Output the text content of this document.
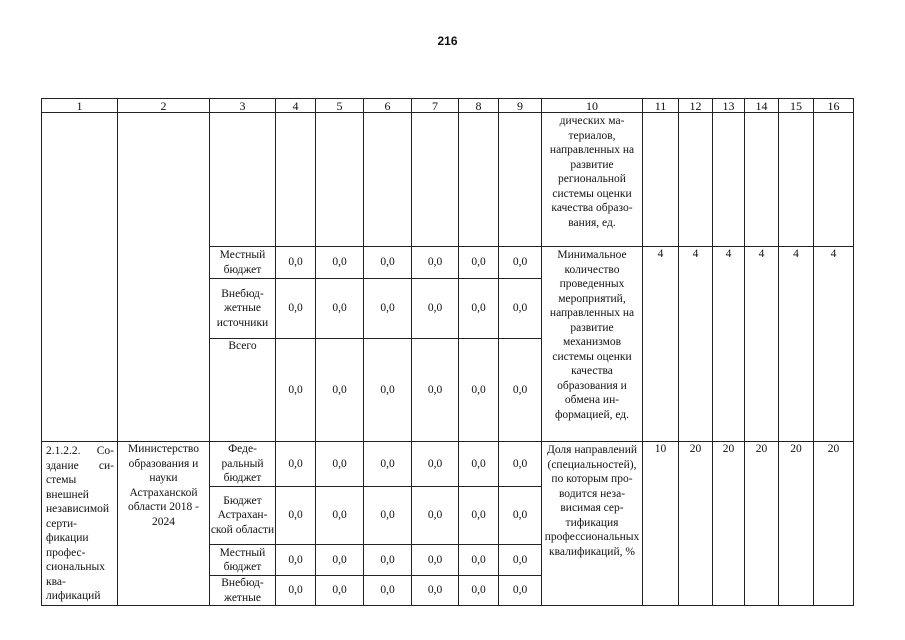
216
1	2	3	4	5	6	7	8	9	10	11	12	13	14	15	16
									дических материалов, направленных на развитие региональной системы оценки качества образования, ед.						
		Местный бюджет	0,0	0,0	0,0	0,0	0,0	0,0	Минимальное количество проведенных мероприятий, направленных на развитие механизмов системы оценки качества образования и обмена информацией, ед.	4	4	4	4	4	4
		Внебюджетные источники	0,0	0,0	0,0	0,0	0,0	0,0							
		Всего	0,0	0,0	0,0	0,0	0,0	0,0							
2.1.2.2. Создание системы внешней независимой сертификации профессиональных квалификаций	Министерство образования и науки Астраханской области 2018 - 2024	Федеральный бюджет	0,0	0,0	0,0	0,0	0,0	0,0	Доля направлений (специальностей), по которым проводится независимая сертификация профессиональных квалификаций, %	10	20	20	20	20	20
		Бюджет Астраханской области	0,0	0,0	0,0	0,0	0,0	0,0							
		Местный бюджет	0,0	0,0	0,0	0,0	0,0	0,0							
		Внебюджетные	0,0	0,0	0,0	0,0	0,0	0,0							
